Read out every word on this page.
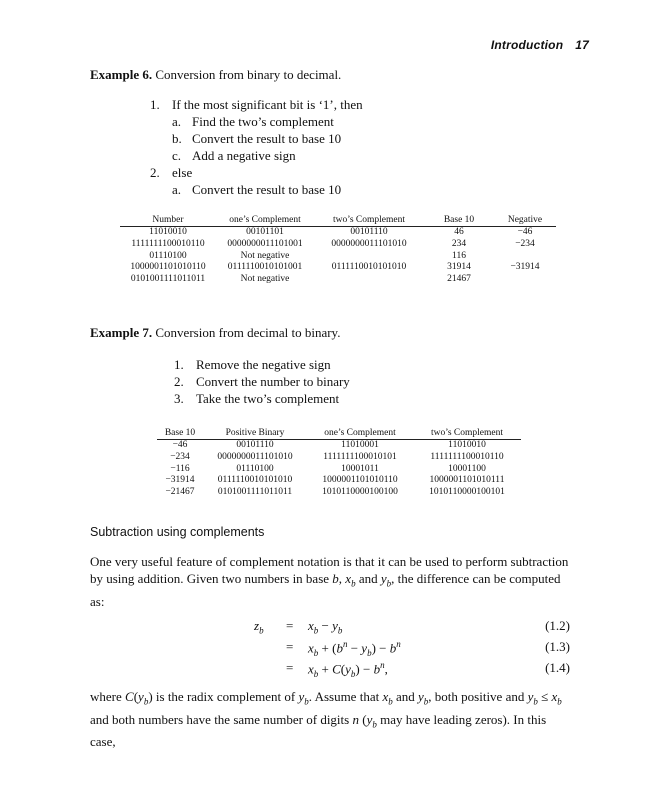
Introduction 17
Example 6. Conversion from binary to decimal.
1. If the most significant bit is ‘1’, then
a. Find the two’s complement
b. Convert the result to base 10
c. Add a negative sign
2. else
a. Convert the result to base 10
Number	one’s Complement	two’s Complement	Base 10	Negative
11010010	00101101	00101110	46	−46
1111111100010110	0000000011101001	0000000011101010	234	−234
01110100	Not negative		116	
1000001101010110	0111110010101001	0111110010101010	31914	−31914
0101001111011011	Not negative		21467	
Example 7. Conversion from decimal to binary.
1. Remove the negative sign
2. Convert the number to binary
3. Take the two’s complement
Base 10	Positive Binary	one’s Complement	two’s Complement
−46	00101110	11010001	11010010
−234	0000000011101010	1111111100010101	1111111100010110
−116	01110100	10001011	10001100
−31914	0111110010101010	1000001101010110	1000001101010111
−21467	0101001111011011	1010110000100100	1010110000100101
Subtraction using complements
One very useful feature of complement notation is that it can be used to perform subtraction by using addition. Given two numbers in base b, $x_b$ and $y_b$, the difference can be computed as:
$z_b = x_b - y_b$	(1.2)
= $x_b + (b^n - y_b) - b^n$	(1.3)
= $x_b + C(y_b) - b^n$,	(1.4)
where $C(y_b)$ is the radix complement of $y_b$. Assume that $x_b$ and $y_b$, both positive and $y_b \le x_b$ and both numbers have the same number of digits n ($y_b$ may have leading zeros). In this case,
